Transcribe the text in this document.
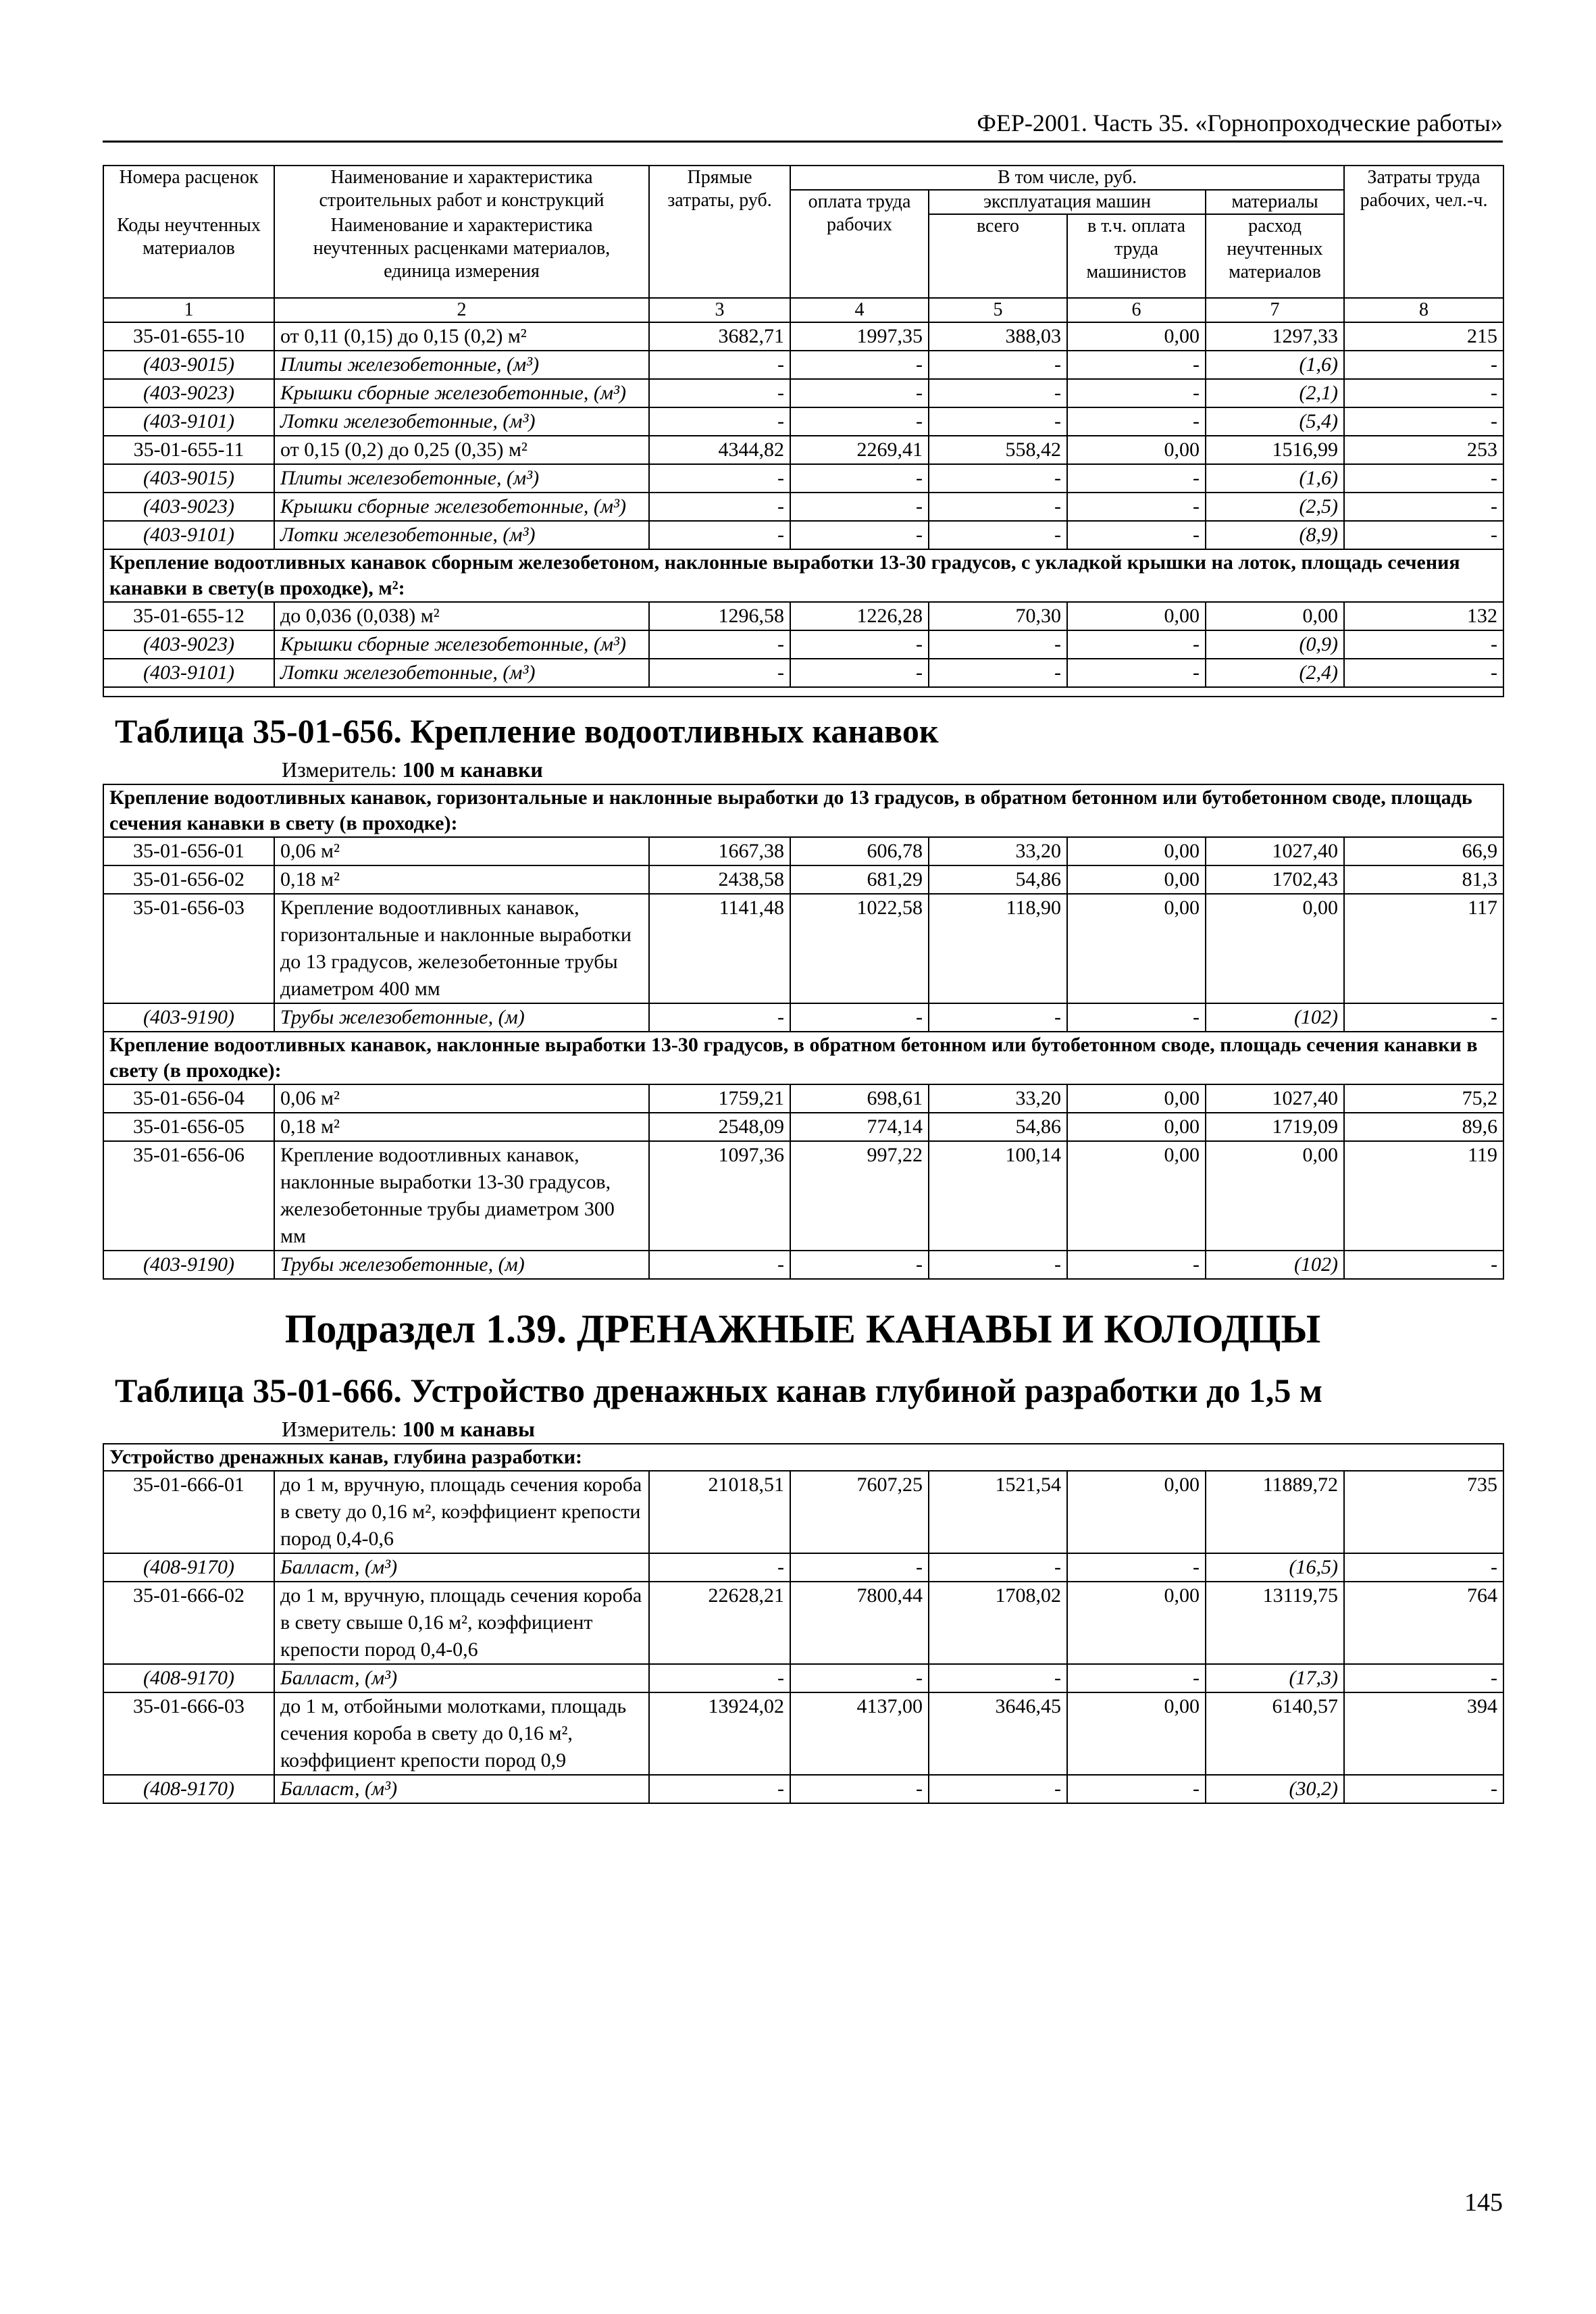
ФЕР-2001. Часть 35. «Горнопроходческие работы»
Номера расценок	Наименование и характеристика строительных работ и конструкций	Прямые затраты, руб.	В том числе, руб.				Затраты труда рабочих, чел.-ч.
			оплата труда рабочих	эксплуатация машин		материалы	
Коды неучтенных материалов	Наименование и характеристика неучтенных расценками материалов, единица измерения			всего	в т.ч. оплата труда машинистов	расход неучтенных материалов	

1	2	3	4	5	6	7	8
35-01-655-10	от 0,11 (0,15) до 0,15 (0,2) м²	3682,71	1997,35	388,03	0,00	1297,33	215
(403-9015)	Плиты железобетонные, (м³)	-	-	-	-	(1,6)	-
(403-9023)	Крышки сборные железобетонные, (м³)	-	-	-	-	(2,1)	-
(403-9101)	Лотки железобетонные, (м³)	-	-	-	-	(5,4)	-
35-01-655-11	от 0,15 (0,2) до 0,25 (0,35) м²	4344,82	2269,41	558,42	0,00	1516,99	253
(403-9015)	Плиты железобетонные, (м³)	-	-	-	-	(1,6)	-
(403-9023)	Крышки сборные железобетонные, (м³)	-	-	-	-	(2,5)	-
(403-9101)	Лотки железобетонные, (м³)	-	-	-	-	(8,9)	-
Крепление водоотливных канавок сборным железобетоном, наклонные выработки 13-30 градусов, с укладкой крышки на лоток, площадь сечения канавки в свету(в проходке), м²:							
35-01-655-12	до 0,036 (0,038) м²	1296,58	1226,28	70,30	0,00	0,00	132
(403-9023)	Крышки сборные железобетонные, (м³)	-	-	-	-	(0,9)	-
(403-9101)	Лотки железобетонные, (м³)	-	-	-	-	(2,4)	-

Таблица 35-01-656. Крепление водоотливных канавок
Измеритель: 100 м канавки
Крепление водоотливных канавок, горизонтальные и наклонные выработки до 13 градусов, в обратном бетонном или бутобетонном своде, площадь сечения канавки в свету (в проходке):							
35-01-656-01	0,06 м²	1667,38	606,78	33,20	0,00	1027,40	66,9
35-01-656-02	0,18 м²	2438,58	681,29	54,86	0,00	1702,43	81,3
35-01-656-03	Крепление водоотливных канавок, горизонтальные и наклонные выработки до 13 градусов, железобетонные трубы диаметром 400 мм	1141,48	1022,58	118,90	0,00	0,00	117
(403-9190)	Трубы железобетонные, (м)	-	-	-	-	(102)	-
Крепление водоотливных канавок, наклонные выработки 13-30 градусов, в обратном бетонном или бутобетонном своде, площадь сечения канавки в свету (в проходке):							
35-01-656-04	0,06 м²	1759,21	698,61	33,20	0,00	1027,40	75,2
35-01-656-05	0,18 м²	2548,09	774,14	54,86	0,00	1719,09	89,6
35-01-656-06	Крепление водоотливных канавок, наклонные выработки 13-30 градусов, железобетонные трубы диаметром 300 мм	1097,36	997,22	100,14	0,00	0,00	119
(403-9190)	Трубы железобетонные, (м)	-	-	-	-	(102)	-
Подраздел 1.39. ДРЕНАЖНЫЕ КАНАВЫ И КОЛОДЦЫ
Таблица 35-01-666. Устройство дренажных канав глубиной разработки до 1,5 м
Измеритель: 100 м канавы
Устройство дренажных канав, глубина разработки:							
35-01-666-01	до 1 м, вручную, площадь сечения короба в свету до 0,16 м², коэффициент крепости пород 0,4-0,6	21018,51	7607,25	1521,54	0,00	11889,72	735
(408-9170)	Балласт, (м³)	-	-	-	-	(16,5)	-
35-01-666-02	до 1 м, вручную, площадь сечения короба в свету свыше 0,16 м², коэффициент крепости пород 0,4-0,6	22628,21	7800,44	1708,02	0,00	13119,75	764
(408-9170)	Балласт, (м³)	-	-	-	-	(17,3)	-
35-01-666-03	до 1 м, отбойными молотками, площадь сечения короба в свету до 0,16 м², коэффициент крепости пород 0,9	13924,02	4137,00	3646,45	0,00	6140,57	394
(408-9170)	Балласт, (м³)	-	-	-	-	(30,2)	-
145
